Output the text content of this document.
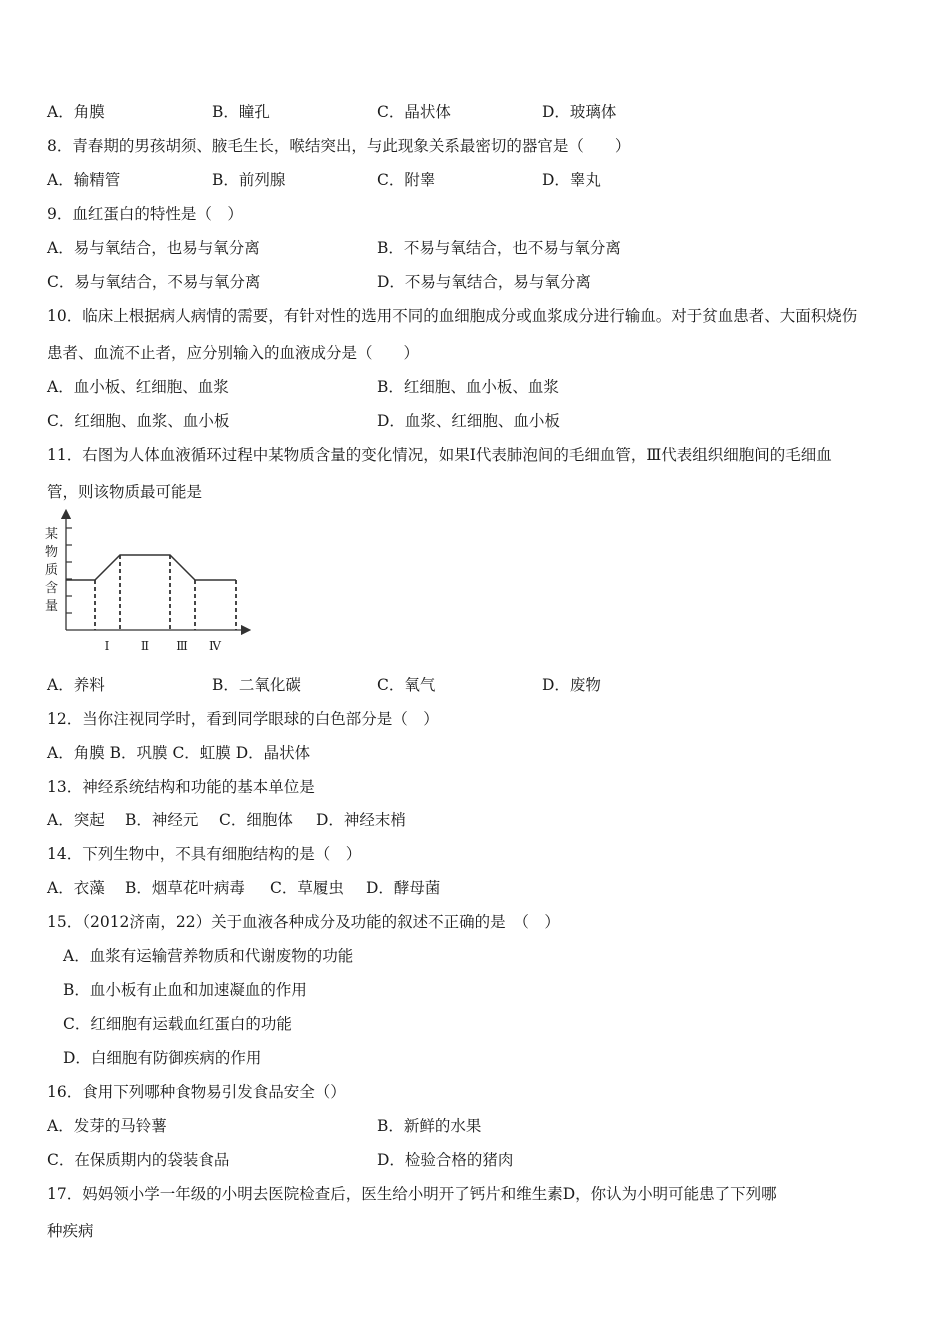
A．角膜	B．瞳孔	C．晶状体	D．玻璃体
8．青春期的男孩胡须、腋毛生长，喉结突出，与此现象关系最密切的器官是（　　）
A．输精管	B．前列腺	C．附睾	D．睾丸
9．血红蛋白的特性是（　）
A．易与氧结合，也易与氧分离	B．不易与氧结合，也不易与氧分离
C．易与氧结合，不易与氧分离	D．不易与氧结合，易与氧分离
10．临床上根据病人病情的需要，有针对性的选用不同的血细胞成分或血浆成分进行输血。对于贫血患者、大面积烧伤
患者、血流不止者，应分别输入的血液成分是（　　）
A．血小板、红细胞、血浆	B．红细胞、血小板、血浆
C．红细胞、血浆、血小板	D．血浆、红细胞、血小板
11．右图为人体血液循环过程中某物质含量的变化情况，如果Ⅰ代表肺泡间的毛细血管，Ⅲ代表组织细胞间的毛细血
管，则该物质最可能是
某
物
质
含
量
Ⅰ	Ⅱ Ⅲ Ⅳ
A．养料	B．二氧化碳	C．氧气	D．废物
12．当你注视同学时，看到同学眼球的白色部分是（　）
A．角膜 B．巩膜 C．虹膜 D．晶状体
13．神经系统结构和功能的基本单位是
A．突起 B．神经元 C．细胞体 D．神经末梢
14．下列生物中，不具有细胞结构的是（　）
A．衣藻 B．烟草花叶病毒 C．草履虫 D．酵母菌
15．（2012济南，22）关于血液各种成分及功能的叙述不正确的是　（　）
A．血浆有运输营养物质和代谢废物的功能
B．血小板有止血和加速凝血的作用
C．红细胞有运载血红蛋白的功能
D．白细胞有防御疾病的作用
16．食用下列哪种食物易引发食品安全（）
A．发芽的马铃薯	B．新鲜的水果
C．在保质期内的袋装食品	D．检验合格的猪肉
17．妈妈领小学一年级的小明去医院检查后，医生给小明开了钙片和维生素D，你认为小明可能患了下列哪
种疾病
